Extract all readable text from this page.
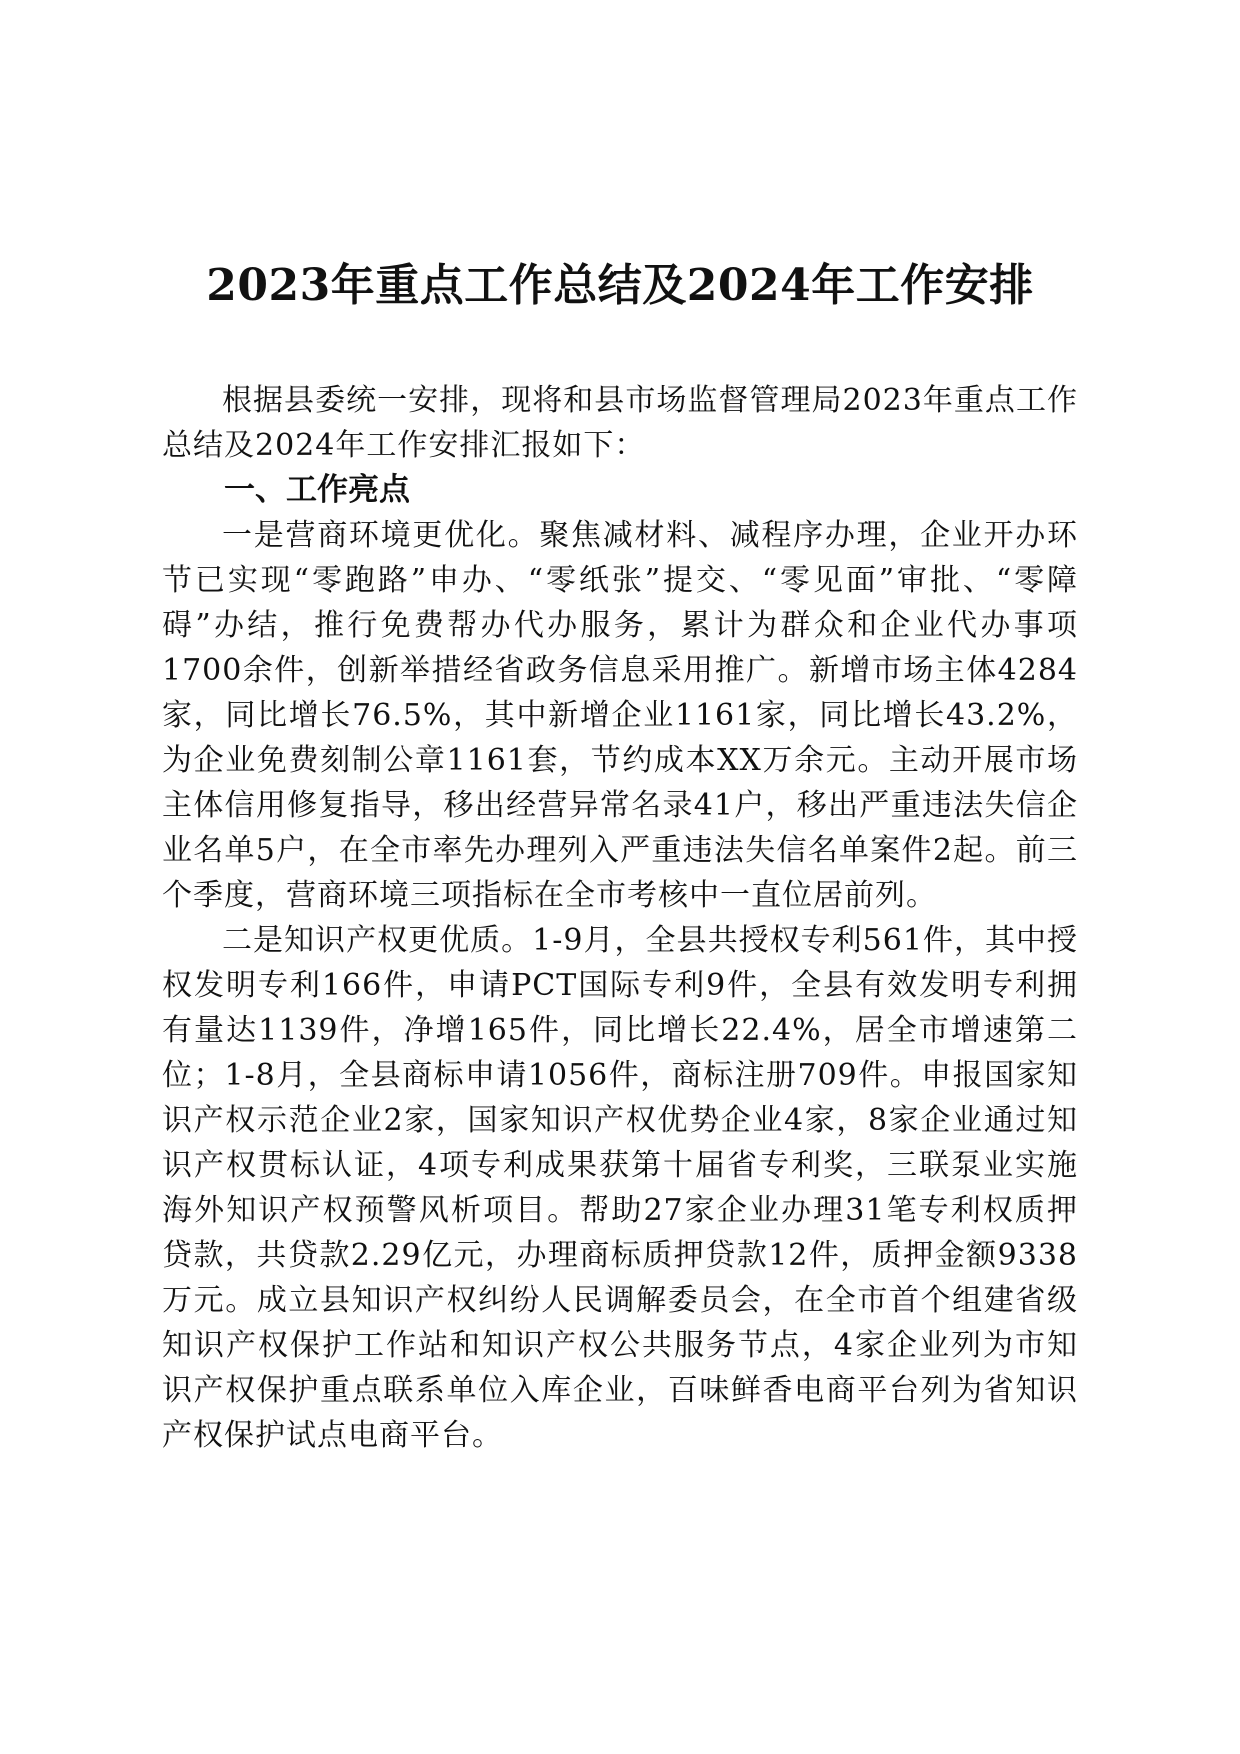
2023年重点工作总结及2024年工作安排

根据县委统一安排，现将和县市场监督管理局2023年重点工作总结及2024年工作安排汇报如下：

一、工作亮点

一是营商环境更优化。聚焦减材料、减程序办理，企业开办环节已实现“零跑路”申办、“零纸张”提交、“零见面”审批、“零障碍”办结，推行免费帮办代办服务，累计为群众和企业代办事项1700余件，创新举措经省政务信息采用推广。新增市场主体4284家，同比增长76.5%，其中新增企业1161家，同比增长43.2%，为企业免费刻制公章1161套，节约成本XX万余元。主动开展市场主体信用修复指导，移出经营异常名录41户，移出严重违法失信企业名单5户，在全市率先办理列入严重违法失信名单案件2起。前三个季度，营商环境三项指标在全市考核中一直位居前列。

二是知识产权更优质。1-9月，全县共授权专利561件，其中授权发明专利166件，申请PCT国际专利9件，全县有效发明专利拥有量达1139件，净增165件，同比增长22.4%，居全市增速第二位；1-8月，全县商标申请1056件，商标注册709件。申报国家知识产权示范企业2家，国家知识产权优势企业4家，8家企业通过知识产权贯标认证，4项专利成果获第十届省专利奖，三联泵业实施海外知识产权预警风析项目。帮助27家企业办理31笔专利权质押贷款，共贷款2.29亿元，办理商标质押贷款12件，质押金额9338万元。成立县知识产权纠纷人民调解委员会，在全市首个组建省级知识产权保护工作站和知识产权公共服务节点，4家企业列为市知识产权保护重点联系单位入库企业，百味鲜香电商平台列为省知识产权保护试点电商平台。
